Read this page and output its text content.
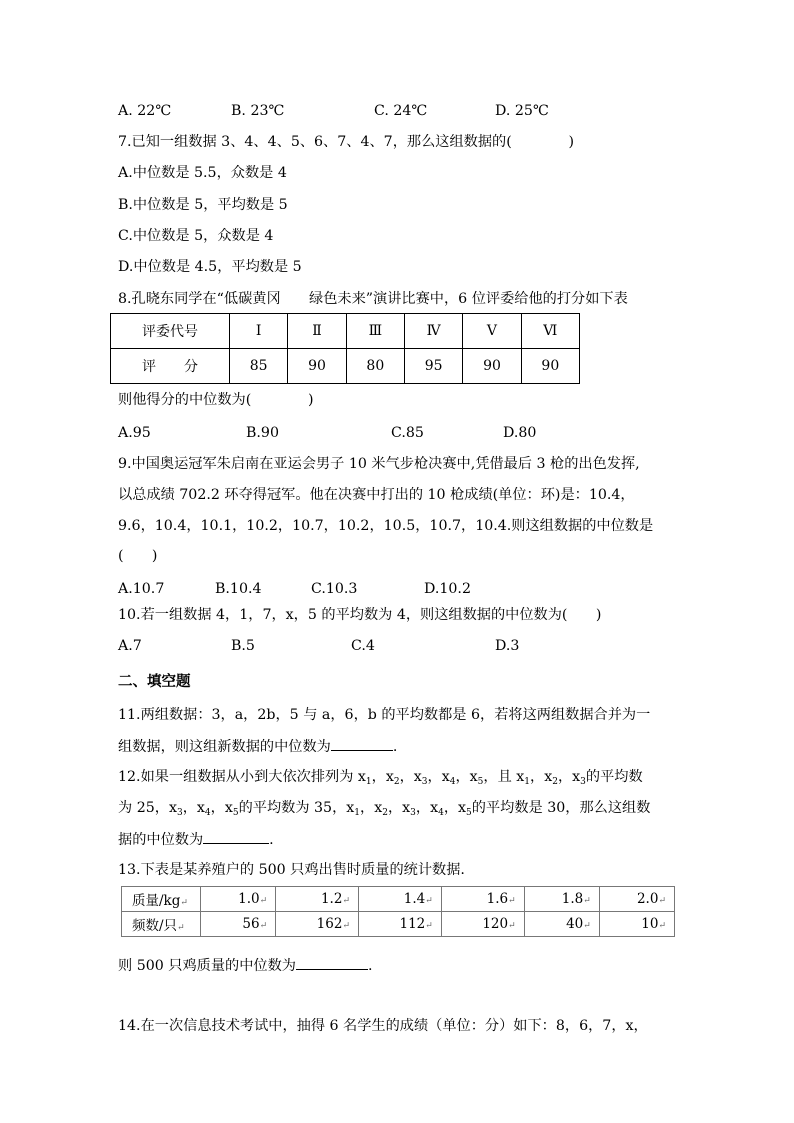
A. 22℃	B. 23℃	C. 24℃	D. 25℃
7.已知一组数据 3、4、4、5、6、7、4、7，那么这组数据的(　　　　)
A.中位数是 5.5，众数是 4
B.中位数是 5，平均数是 5
C.中位数是 5，众数是 4
D.中位数是 4.5，平均数是 5
8.孔晓东同学在“低碳黄冈　　绿色未来”演讲比赛中，6 位评委给他的打分如下表
评委代号	Ⅰ	Ⅱ	Ⅲ	Ⅳ	Ⅴ	Ⅵ
评　　分	85	90	80	95	90	90
则他得分的中位数为(　　　　)
A.95	B.90	C.85	D.80
9.中国奥运冠军朱启南在亚运会男子 10 米气步枪决赛中,凭借最后 3 枪的出色发挥,
以总成绩 702.2 环夺得冠军。他在决赛中打出的 10 枪成绩(单位：环)是：10.4，
9.6，10.4，10.1，10.2，10.7，10.2，10.5，10.7，10.4.则这组数据的中位数是
(　　)
A.10.7	B.10.4	C.10.3	D.10.2
10.若一组数据 4，1，7，x，5 的平均数为 4，则这组数据的中位数为(　　)
A.7	B.5	C.4	D.3
二、填空题
11.两组数据：3，a，2b，5 与 a，6，b 的平均数都是 6，若将这两组数据合并为一
组数据，则这组新数据的中位数为	.
12.如果一组数据从小到大依次排列为 $x_1$，$x_2$，$x_3$，$x_4$，$x_5$，且 $x_1$，$x_2$，$x_3$的平均数
为 25，$x_3$，$x_4$，$x_5$的平均数为 35，$x_1$，$x_2$，$x_3$，$x_4$，$x_5$的平均数是 30，那么这组数
据的中位数为	.
13.下表是某养殖户的 500 只鸡出售时质量的统计数据.
质量/kg↵	1.0↵	1.2↵	1.4↵	1.6↵	1.8↵	2.0↵
频数/只↵	56↵	162↵	112↵	120↵	40↵	10↵
则 500 只鸡质量的中位数为	.
14.在一次信息技术考试中，抽得 6 名学生的成绩（单位：分）如下：8，6，7，x，
